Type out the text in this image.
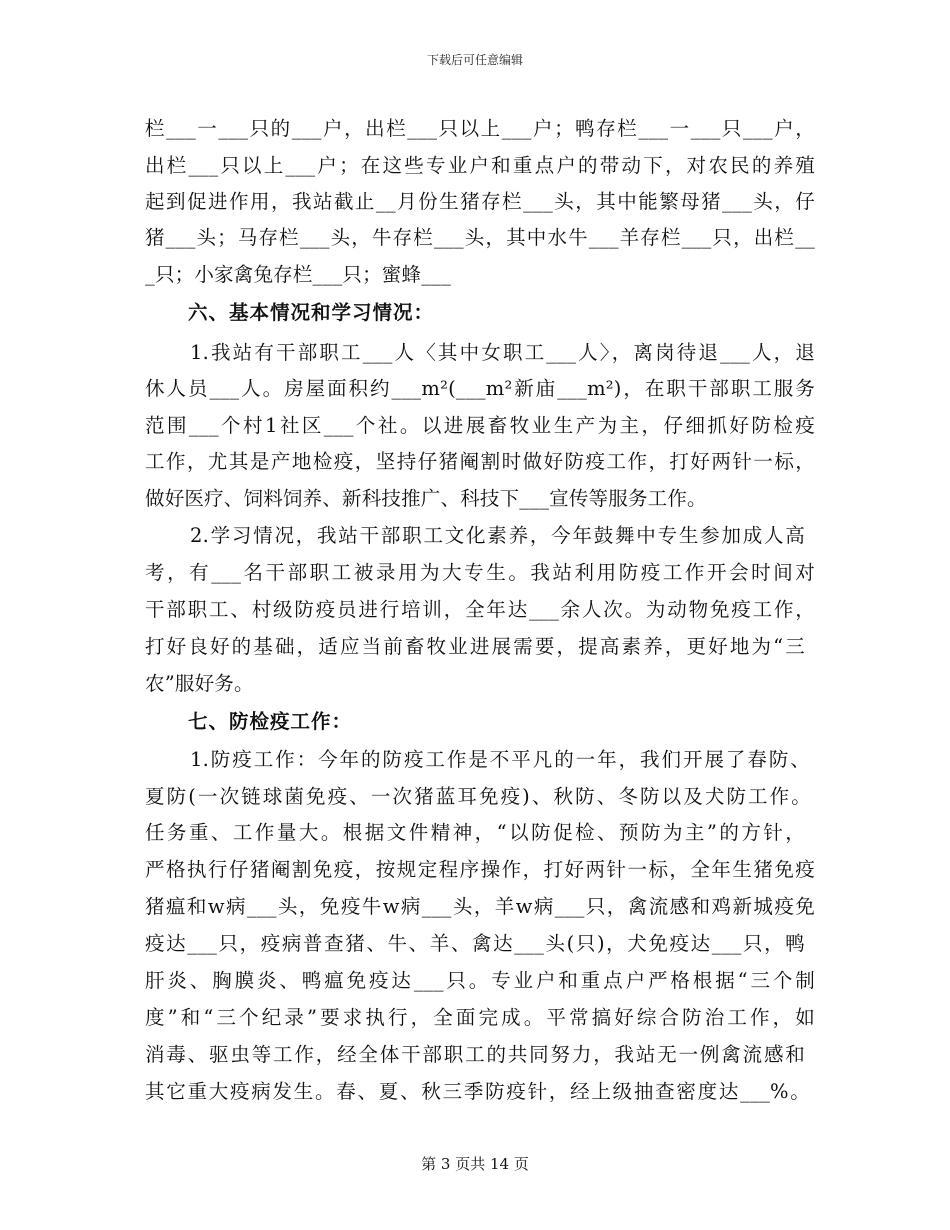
下载后可任意编辑
栏___一___只的___户，出栏___只以上___户；鸭存栏___一___只___户，
出栏___只以上___户；在这些专业户和重点户的带动下，对农民的养殖
起到促进作用，我站截止__月份生猪存栏___头，其中能繁母猪___头，仔
猪___头；马存栏___头，牛存栏___头，其中水牛___羊存栏___只，出栏__
_只；小家禽兔存栏___只；蜜蜂___
六、基本情况和学习情况：
1.我站有干部职工___人〈其中女职工___人〉，离岗待退___人，退
休人员___人。房屋面积约___m²(___m²新庙___m²)，在职干部职工服务
范围___个村1社区___个社。以进展畜牧业生产为主，仔细抓好防检疫
工作，尤其是产地检疫，坚持仔猪阉割时做好防疫工作，打好两针一标，
做好医疗、饲料饲养、新科技推广、科技下___宣传等服务工作。
2.学习情况，我站干部职工文化素养，今年鼓舞中专生参加成人高
考，有___名干部职工被录用为大专生。我站利用防疫工作开会时间对
干部职工、村级防疫员进行培训，全年达___余人次。为动物免疫工作，
打好良好的基础，适应当前畜牧业进展需要，提高素养，更好地为“三
农”服好务。
七、防检疫工作：
1.防疫工作：今年的防疫工作是不平凡的一年，我们开展了春防、
夏防(一次链球菌免疫、一次猪蓝耳免疫)、秋防、冬防以及犬防工作。
任务重、工作量大。根据文件精神，“以防促检、预防为主”的方针，
严格执行仔猪阉割免疫，按规定程序操作，打好两针一标，全年生猪免疫
猪瘟和w病___头，免疫牛w病___头，羊w病___只，禽流感和鸡新城疫免
疫达___只，疫病普查猪、牛、羊、禽达___头(只)，犬免疫达___只，鸭
肝炎、胸膜炎、鸭瘟免疫达___只。专业户和重点户严格根据“三个制
度”和“三个纪录”要求执行，全面完成。平常搞好综合防治工作，如
消毒、驱虫等工作，经全体干部职工的共同努力，我站无一例禽流感和
其它重大疫病发生。春、夏、秋三季防疫针，经上级抽查密度达___%。
第 3 页共 14 页
